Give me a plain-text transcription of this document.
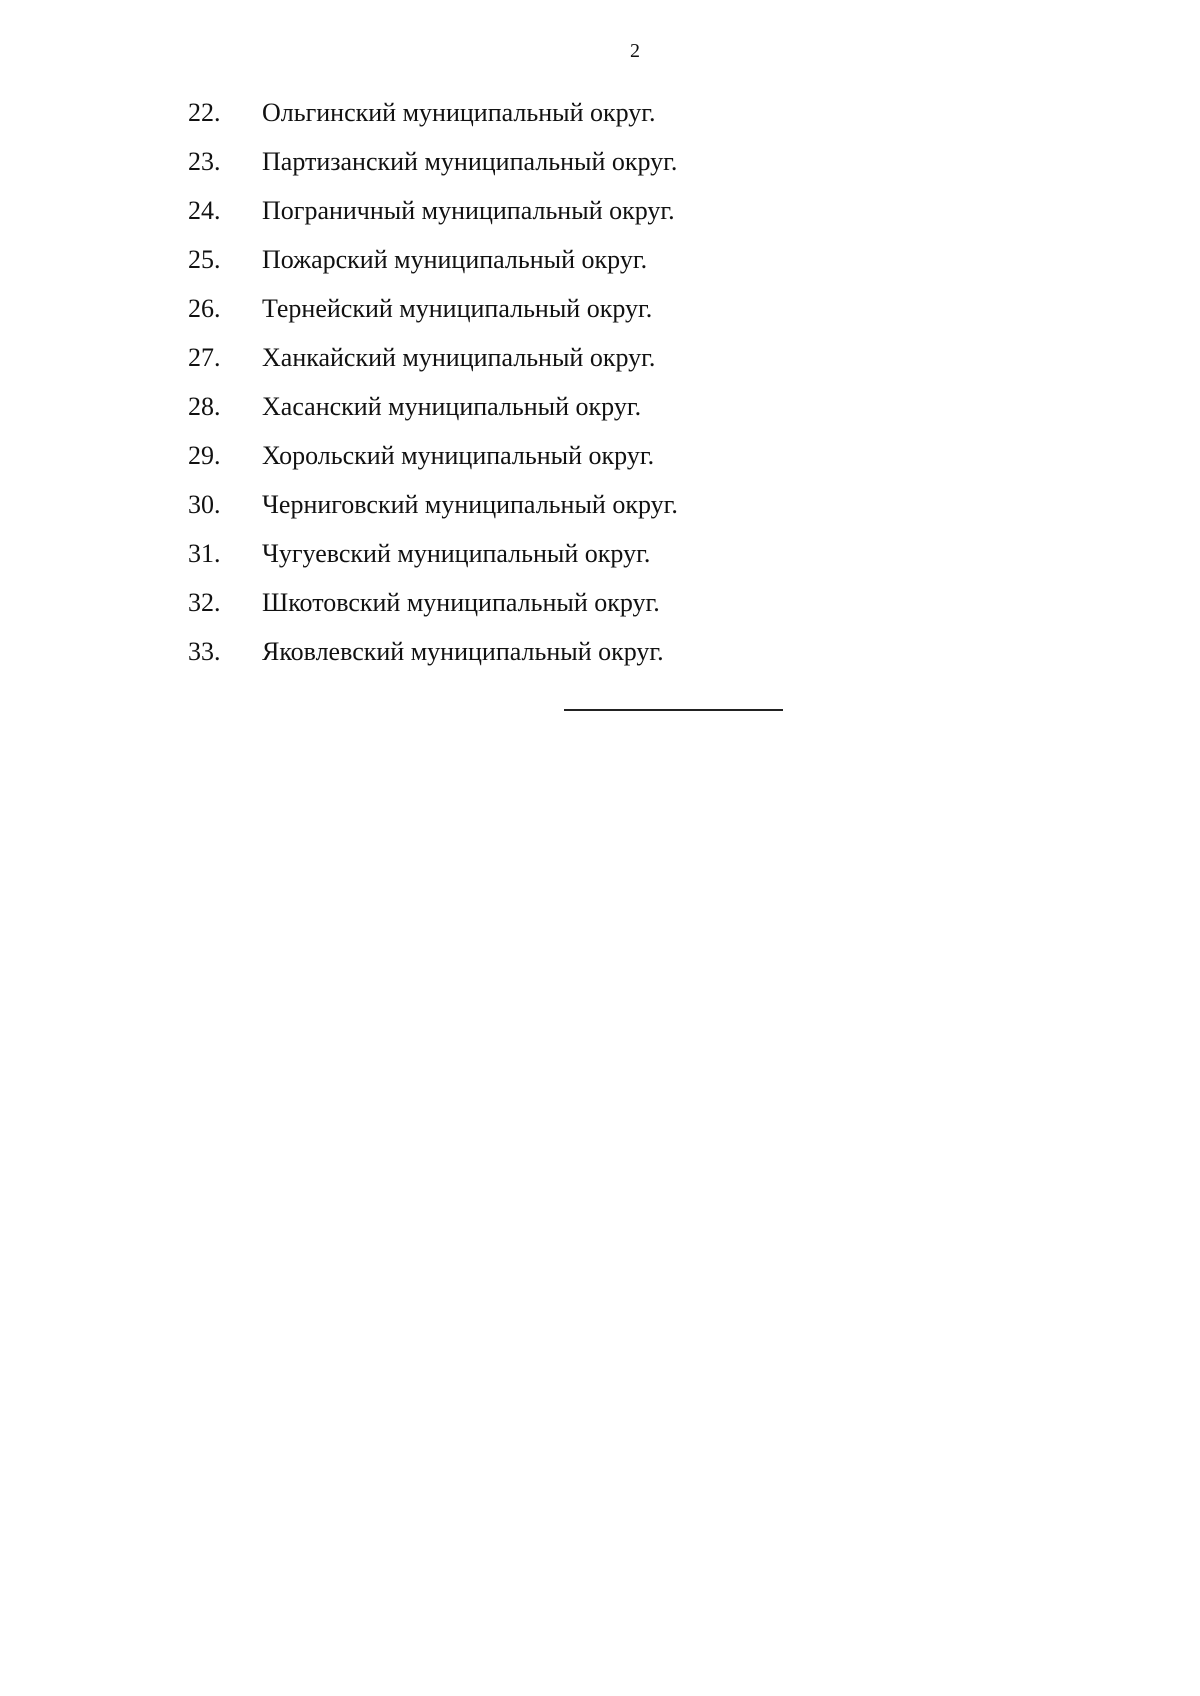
2
22.	Ольгинский муниципальный округ.
23.	Партизанский муниципальный округ.
24.	Пограничный муниципальный округ.
25.	Пожарский муниципальный округ.
26.	Тернейский муниципальный округ.
27.	Ханкайский муниципальный округ.
28.	Хасанский муниципальный округ.
29.	Хорольский муниципальный округ.
30.	Черниговский муниципальный округ.
31.	Чугуевский муниципальный округ.
32.	Шкотовский муниципальный округ.
33.	Яковлевский муниципальный округ.
